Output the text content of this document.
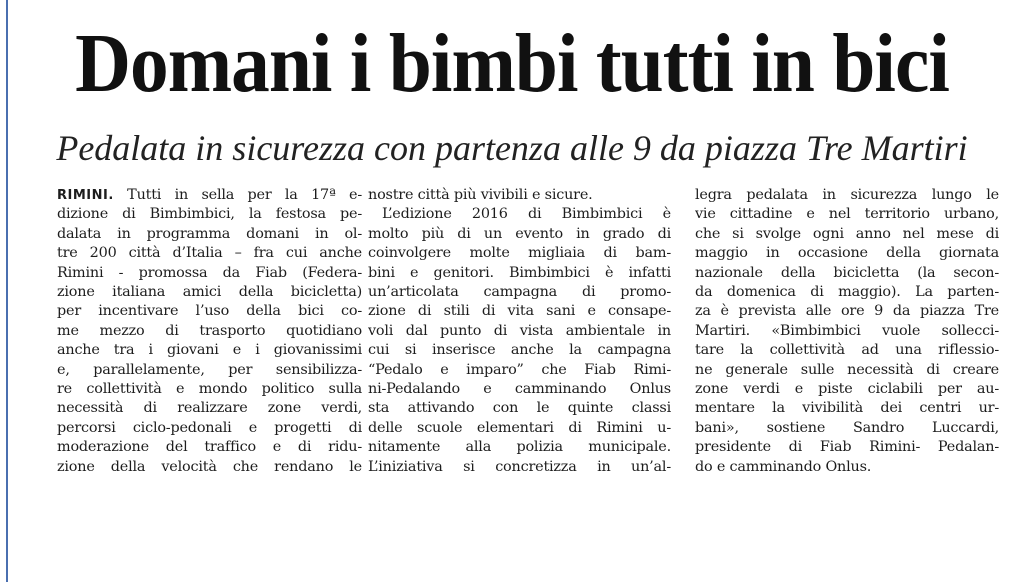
Domani i bimbi tutti in bici
Pedalata in sicurezza con partenza alle 9 da piazza Tre Martiri
RIMINI. Tutti in sella per la 17ª e-
dizione di Bimbimbici, la festosa pe-
dalata in programma domani in ol-
tre 200 città d’Italia – fra cui anche
Rimini - promossa da Fiab (Federa-
zione italiana amici della bicicletta)
per incentivare l’uso della bici co-
me mezzo di trasporto quotidiano
anche tra i giovani e i giovanissimi
e, parallelamente, per sensibilizza-
re collettività e mondo politico sulla
necessità di realizzare zone verdi,
percorsi ciclo-pedonali e progetti di
moderazione del traffico e di ridu-
zione della velocità che rendano le
nostre città più vivibili e sicure.
L’edizione 2016 di Bimbimbici è
molto più di un evento in grado di
coinvolgere molte migliaia di bam-
bini e genitori. Bimbimbici è infatti
un’articolata campagna di promo-
zione di stili di vita sani e consape-
voli dal punto di vista ambientale in
cui si inserisce anche la campagna
“Pedalo e imparo” che Fiab Rimi-
ni-Pedalando e camminando Onlus
sta attivando con le quinte classi
delle scuole elementari di Rimini u-
nitamente alla polizia municipale.
L’iniziativa si concretizza in un’al-
legra pedalata in sicurezza lungo le
vie cittadine e nel territorio urbano,
che si svolge ogni anno nel mese di
maggio in occasione della giornata
nazionale della bicicletta (la secon-
da domenica di maggio). La parten-
za è prevista alle ore 9 da piazza Tre
Martiri. «Bimbimbici vuole sollecci-
tare la collettività ad una riflessio-
ne generale sulle necessità di creare
zone verdi e piste ciclabili per au-
mentare la vivibilità dei centri ur-
bani», sostiene Sandro Luccardi,
presidente di Fiab Rimini- Pedalan-
do e camminando Onlus.
